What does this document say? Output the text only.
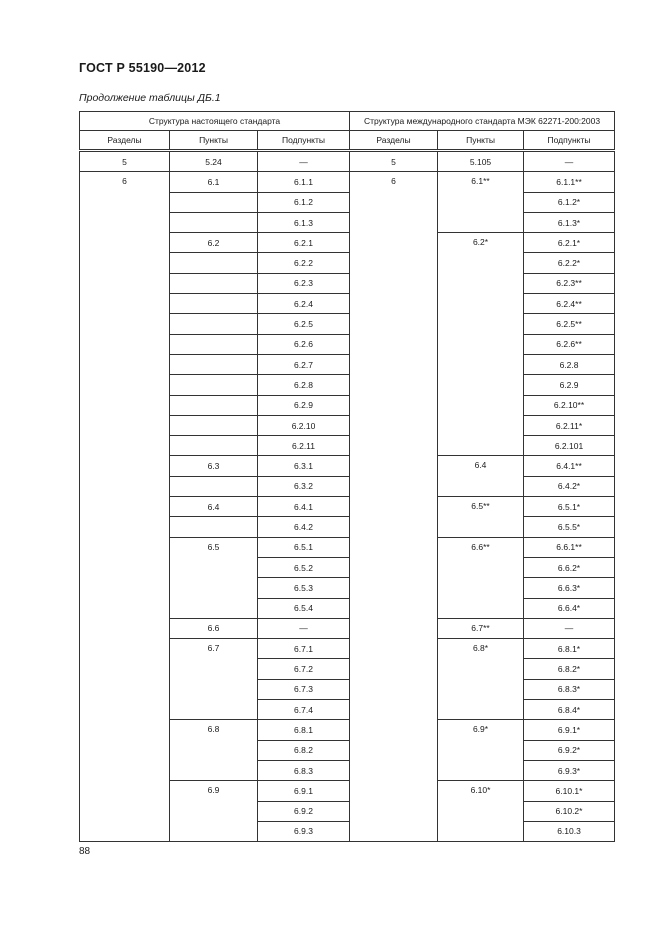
ГОСТ Р 55190—2012
Продолжение таблицы ДБ.1
Структура настоящего стандарта			Структура международного стандарта МЭК 62271-200:2003		
Разделы	Пункты	Подпункты	Разделы	Пункты	Подпункты
5	5.24	—	5	5.105	—
6	6.1	6.1.1	6	6.1**	6.1.1**
		6.1.2			6.1.2*
		6.1.3			6.1.3*
	6.2	6.2.1		6.2*	6.2.1*
		6.2.2			6.2.2*
		6.2.3			6.2.3**
		6.2.4			6.2.4**
		6.2.5			6.2.5**
		6.2.6			6.2.6**
		6.2.7			6.2.8
		6.2.8			6.2.9
		6.2.9			6.2.10**
		6.2.10			6.2.11*
		6.2.11			6.2.101
	6.3	6.3.1		6.4	6.4.1**
		6.3.2			6.4.2*
	6.4	6.4.1		6.5**	6.5.1*
		6.4.2			6.5.5*
	6.5	6.5.1		6.6**	6.6.1**
		6.5.2			6.6.2*
		6.5.3			6.6.3*
		6.5.4			6.6.4*
	6.6	—		6.7**	—
	6.7	6.7.1		6.8*	6.8.1*
		6.7.2			6.8.2*
		6.7.3			6.8.3*
		6.7.4			6.8.4*
	6.8	6.8.1		6.9*	6.9.1*
		6.8.2			6.9.2*
		6.8.3			6.9.3*
	6.9	6.9.1		6.10*	6.10.1*
		6.9.2			6.10.2*
		6.9.3			6.10.3
88
